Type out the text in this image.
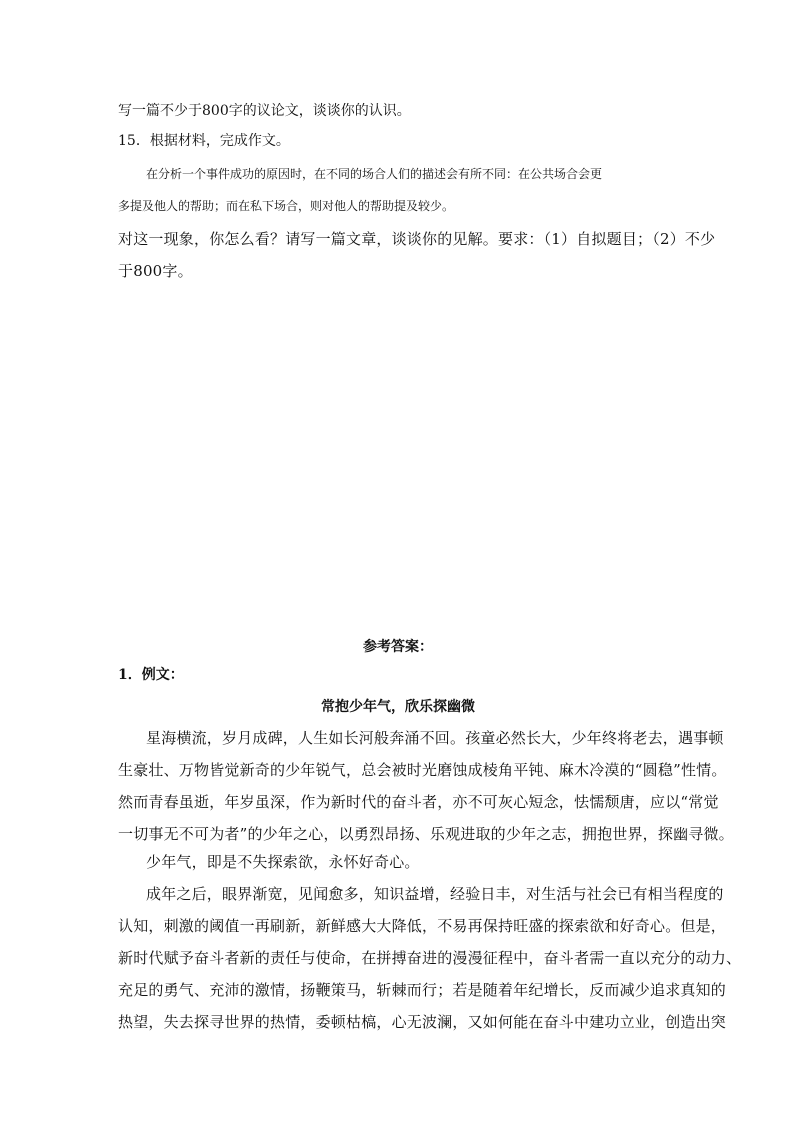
写一篇不少于800字的议论文，谈谈你的认识。
15．根据材料，完成作文。
在分析一个事件成功的原因时，在不同的场合人们的描述会有所不同：在公共场合会更
多提及他人的帮助；而在私下场合，则对他人的帮助提及较少。
对这一现象，你怎么看？请写一篇文章，谈谈你的见解。要求：（1）自拟题目；（2）不少
于800字。
参考答案：
1．例文：
常抱少年气，欣乐探幽微
星海横流，岁月成碑，人生如长河般奔涌不回。孩童必然长大，少年终将老去，遇事顿
生豪壮、万物皆觉新奇的少年锐气，总会被时光磨蚀成棱角平钝、麻木冷漠的“圆稳”性情。
然而青春虽逝，年岁虽深，作为新时代的奋斗者，亦不可灰心短念，怯懦颓唐，应以“常觉
一切事无不可为者”的少年之心，以勇烈昂扬、乐观进取的少年之志，拥抱世界，探幽寻微。
少年气，即是不失探索欲，永怀好奇心。
成年之后，眼界渐宽，见闻愈多，知识益增，经验日丰，对生活与社会已有相当程度的
认知，刺激的阈值一再刷新，新鲜感大大降低，不易再保持旺盛的探索欲和好奇心。但是，
新时代赋予奋斗者新的责任与使命，在拼搏奋进的漫漫征程中，奋斗者需一直以充分的动力、
充足的勇气、充沛的激情，扬鞭策马，斩棘而行；若是随着年纪增长，反而减少追求真知的
热望，失去探寻世界的热情，委顿枯槁，心无波澜，又如何能在奋斗中建功立业，创造出突
